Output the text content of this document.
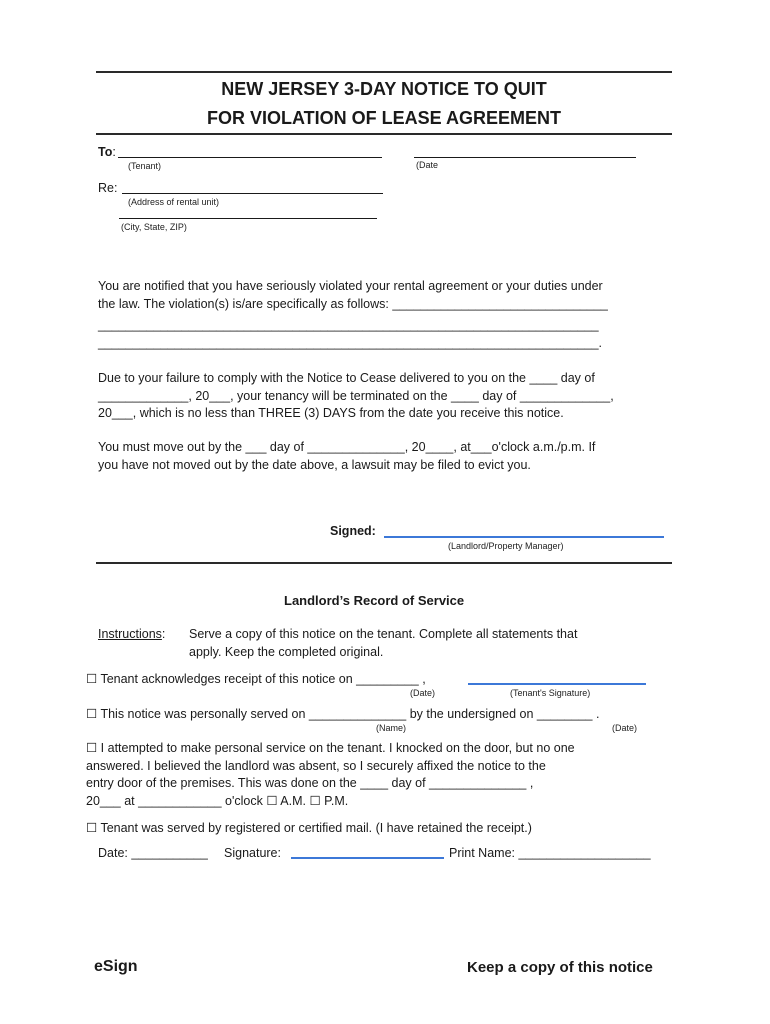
NEW JERSEY 3-DAY NOTICE TO QUIT
FOR VIOLATION OF LEASE AGREEMENT
To:
(Tenant)	(Date
Re:
(Address of rental unit)
(City, State, ZIP)
You are notified that you have seriously violated your rental agreement or your duties under
the law. The violation(s) is/are specifically as follows: _______________________________
________________________________________________________________________
________________________________________________________________________.
Due to your failure to comply with the Notice to Cease delivered to you on the ____ day of
_____________, 20___, your tenancy will be terminated on the ____ day of _____________,
20___, which is no less than THREE (3) DAYS from the date you receive this notice.
You must move out by the ___ day of ______________, 20____, at___o'clock a.m./p.m. If
you have not moved out by the date above, a lawsuit may be filed to evict you.
Signed:
(Landlord/Property Manager)
Landlord’s Record of Service
Instructions: Serve a copy of this notice on the tenant. Complete all statements that
apply. Keep the completed original.
☐ Tenant acknowledges receipt of this notice on _________ ,
(Date)	(Tenant's Signature)
☐ This notice was personally served on ______________ by the undersigned on ________ .
(Name)	(Date)
☐ I attempted to make personal service on the tenant. I knocked on the door, but no one
answered. I believed the landlord was absent, so I securely affixed the notice to the
entry door of the premises. This was done on the ____ day of ______________ ,
20___ at ____________ o'clock ☐ A.M. ☐ P.M.
☐ Tenant was served by registered or certified mail. (I have retained the receipt.)
Date: ___________ Signature:	Print Name: ___________________
eSign	Keep a copy of this notice
